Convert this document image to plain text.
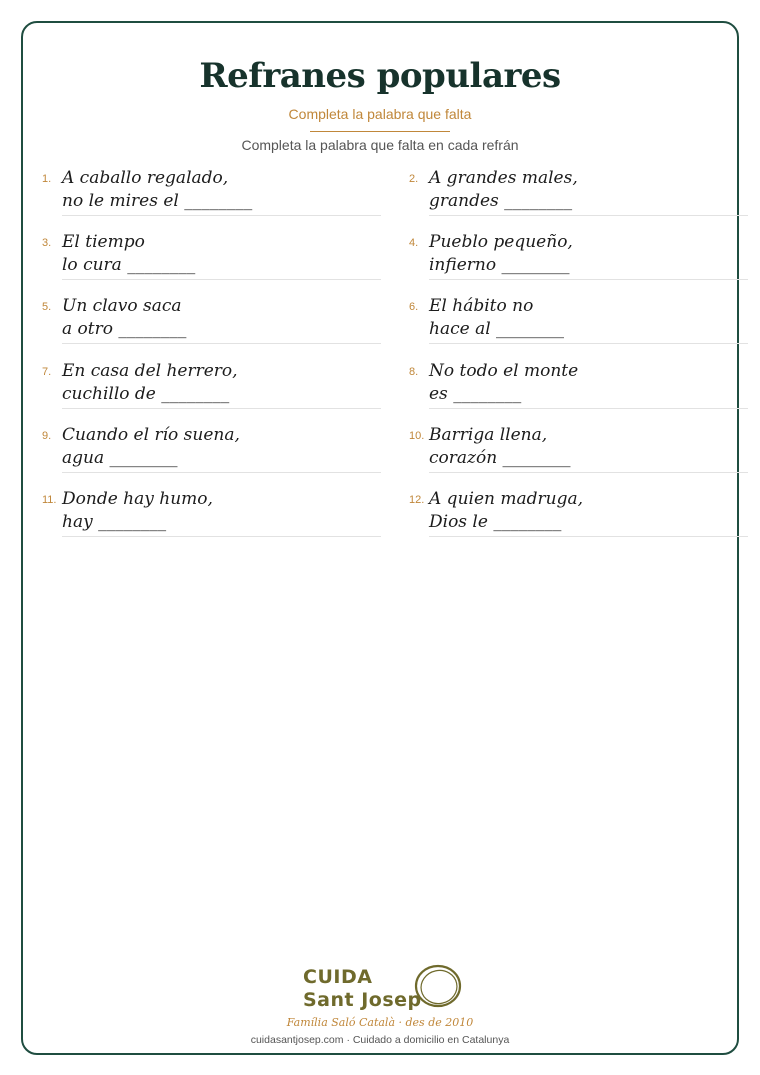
Refranes populares
Completa la palabra que falta
Completa la palabra que falta en cada refrán
1. A caballo regalado,
no le mires el ________
2. A grandes males,
grandes ________
3. El tiempo
lo cura ________
4. Pueblo pequeño,
infierno ________
5. Un clavo saca
a otro ________
6. El hábito no
hace al ________
7. En casa del herrero,
cuchillo de ________
8. No todo el monte
es ________
9. Cuando el río suena,
agua ________
10. Barriga llena,
corazón ________
11. Donde hay humo,
hay ________
12. A quien madruga,
Dios le ________
CUIDA
Sant Josep
Família Saló Català · des de 2010
cuidasantjosep.com · Cuidado a domicilio en Catalunya
